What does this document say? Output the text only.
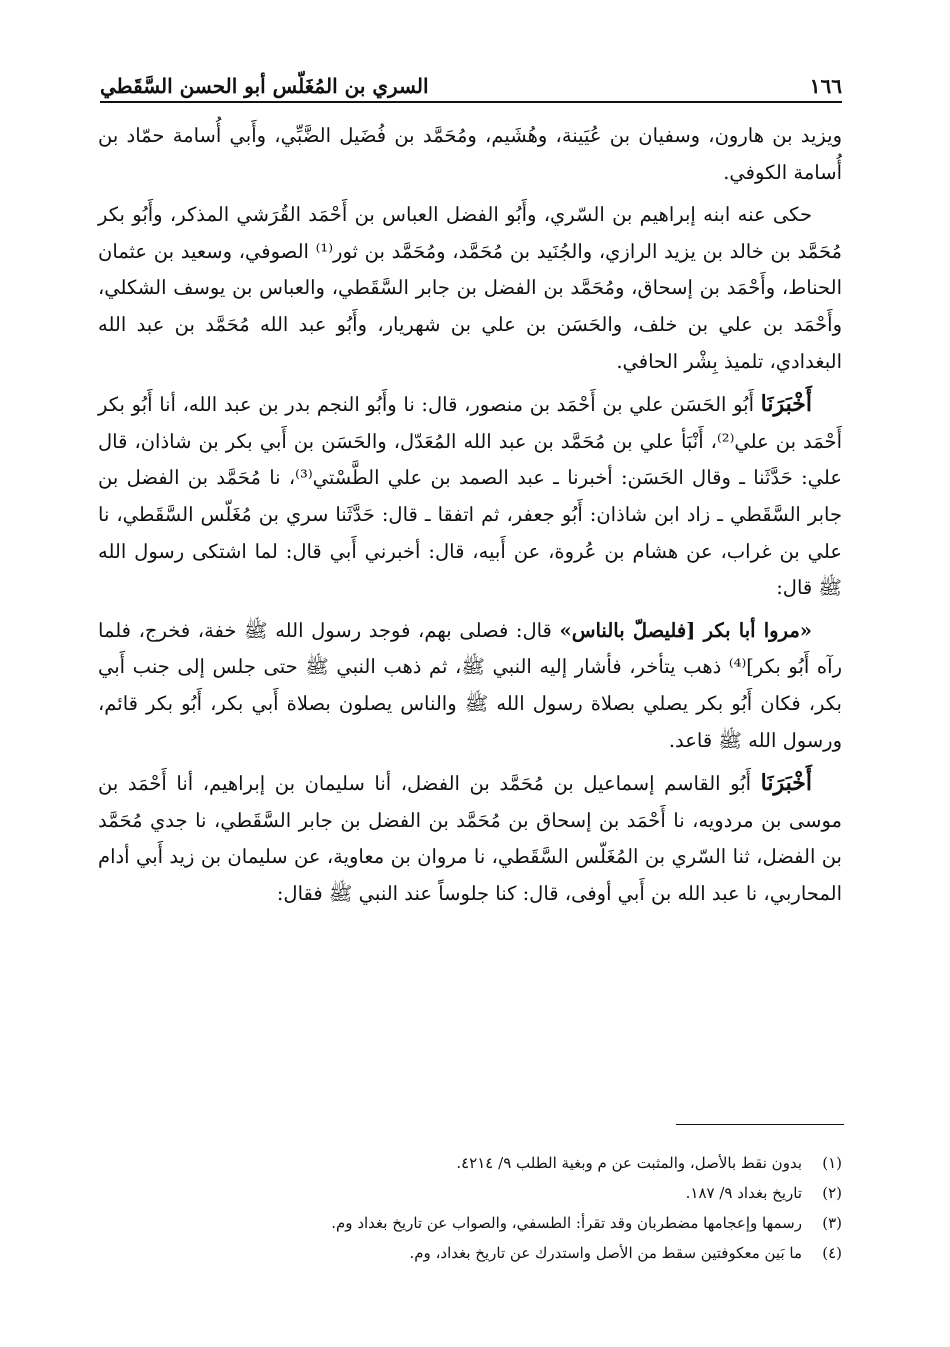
١٦٦
السري بن المُغَلّس أبو الحسن السَّقَطي

ويزيد بن هارون، وسفيان بن عُيَينة، وهُشَيم، ومُحَمَّد بن فُضَيل الضَّبِّي، وأَبي أُسامة حمّاد بن أُسامة الكوفي.

حكى عنه ابنه إبراهيم بن السّري، وأَبُو الفضل العباس بن أَحْمَد القُرَشي المذكر، وأَبُو بكر مُحَمَّد بن خالد بن يزيد الرازي، والجُنَيد بن مُحَمَّد، ومُحَمَّد بن ثور⁽¹⁾ الصوفي، وسعيد بن عثمان الحناط، وأَحْمَد بن إسحاق، ومُحَمَّد بن الفضل بن جابر السَّقَطي، والعباس بن يوسف الشكلي، وأَحْمَد بن علي بن خلف، والحَسَن بن علي بن شهريار، وأَبُو عبد الله مُحَمَّد بن عبد الله البغدادي، تلميذ بِشْر الحافي.

أَخْبَرَنَا أَبُو الحَسَن علي بن أَحْمَد بن منصور، قال: نا وأَبُو النجم بدر بن عبد الله، أنا أَبُو بكر أَحْمَد بن علي⁽²⁾، أَنْبَأ علي بن مُحَمَّد بن عبد الله المُعَدّل، والحَسَن بن أَبي بكر بن شاذان، قال علي: حَدَّثَنا ـ وقال الحَسَن: أخبرنا ـ عبد الصمد بن علي الطَّسْتي⁽³⁾، نا مُحَمَّد بن الفضل بن جابر السَّقَطي ـ زاد ابن شاذان: أَبُو جعفر، ثم اتفقا ـ قال: حَدَّثَنا سري بن مُغَلّس السَّقَطي، نا علي بن غراب، عن هشام بن عُروة، عن أَبيه، قال: أخبرني أَبي قال: لما اشتكى رسول الله ﷺ قال:

«مروا أبا بكر [فليصلّ بالناس» قال: فصلى بهم، فوجد رسول الله ﷺ خفة، فخرج، فلما رآه أَبُو بكر]⁽⁴⁾ ذهب يتأخر، فأشار إليه النبي ﷺ، ثم ذهب النبي ﷺ حتى جلس إلى جنب أَبي بكر، فكان أَبُو بكر يصلي بصلاة رسول الله ﷺ والناس يصلون بصلاة أَبي بكر، أَبُو بكر قائم، ورسول الله ﷺ قاعد.

أَخْبَرَنَا أَبُو القاسم إسماعيل بن مُحَمَّد بن الفضل، أنا سليمان بن إبراهيم، أنا أَحْمَد بن موسى بن مردويه، نا أَحْمَد بن إسحاق بن مُحَمَّد بن الفضل بن جابر السَّقَطي، نا جدي مُحَمَّد بن الفضل، ثنا السّري بن المُغَلّس السَّقَطي، نا مروان بن معاوية، عن سليمان بن زيد أَبي أدام المحاربي، نا عبد الله بن أَبي أوفى، قال: كنا جلوساً عند النبي ﷺ فقال:

(١)
بدون نقط بالأصل، والمثبت عن م وبغية الطلب ٩/ ٤٢١٤.
(٢)
تاريخ بغداد ٩/ ١٨٧.
(٣)
رسمها وإعجامها مضطربان وقد تقرأ: الطسفي، والصواب عن تاريخ بغداد وم.
(٤)
ما بَين معكوفتين سقط من الأصل واستدرك عن تاريخ بغداد، وم.
